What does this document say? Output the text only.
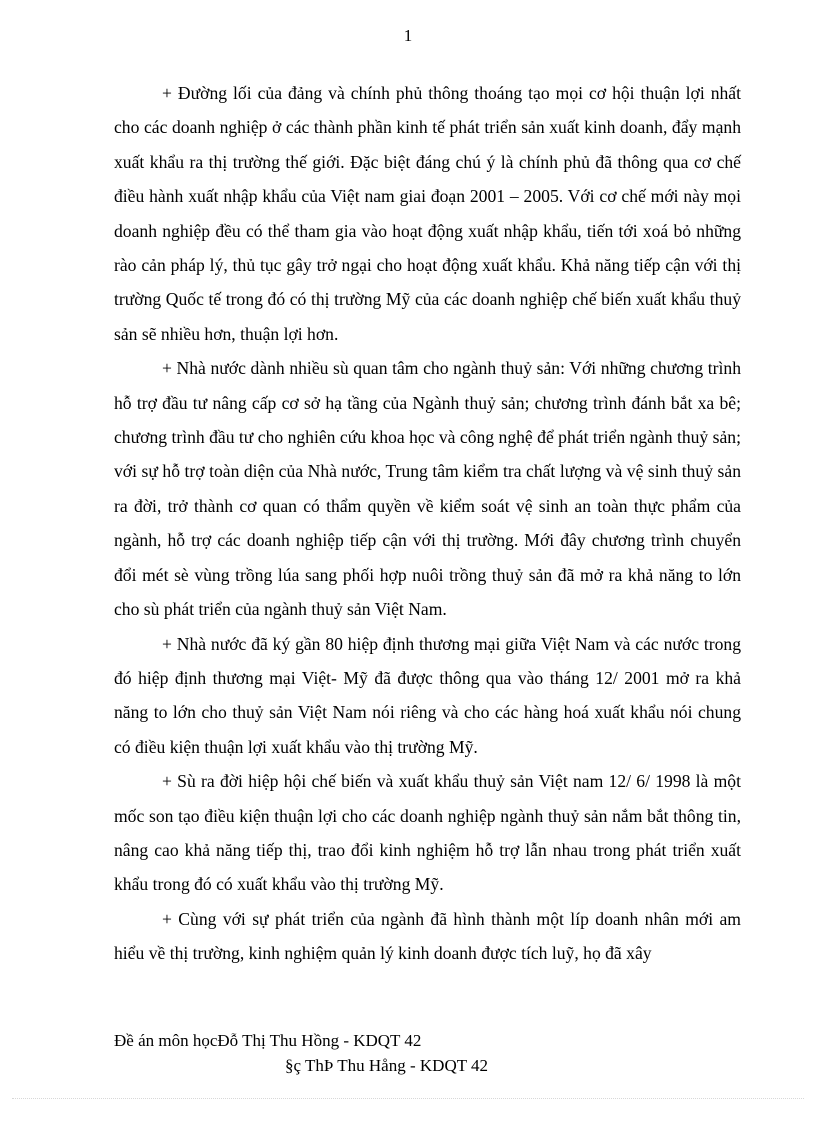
1

+ Đường lối của đảng và chính phủ thông thoáng tạo mọi cơ hội thuận lợi nhất cho các doanh nghiệp ở các thành phần kinh tế phát triển sản xuất kinh doanh, đẩy mạnh xuất khẩu ra thị trường thế giới. Đặc biệt đáng chú ý là chính phủ đã thông qua cơ chế điều hành xuất nhập khẩu của Việt nam giai đoạn 2001 – 2005. Với cơ chế mới này mọi doanh nghiệp đều có thể tham gia vào hoạt động xuất nhập khẩu, tiến tới xoá bỏ những rào cản pháp lý, thủ tục gây trở ngại cho hoạt động xuất khẩu. Khả năng tiếp cận với thị trường Quốc tế trong đó có thị trường Mỹ của các doanh nghiệp chế biến xuất khẩu thuỷ sản sẽ nhiều hơn, thuận lợi hơn.

+ Nhà nước dành nhiều sù quan tâm cho ngành thuỷ sản: Với những chương trình hỗ trợ đầu tư nâng cấp cơ sở hạ tầng của Ngành thuỷ sản; chương trình đánh bắt xa bê; chương trình đầu tư cho nghiên cứu khoa học và công nghệ để phát triển ngành thuỷ sản; với sự hỗ trợ toàn diện của Nhà nước, Trung tâm kiểm tra chất lượng và vệ sinh thuỷ sản ra đời, trở thành cơ quan có thẩm quyền về kiểm soát vệ sinh an toàn thực phẩm của ngành, hỗ trợ các doanh nghiệp tiếp cận với thị trường. Mới đây chương trình chuyển đổi mét sè vùng trồng lúa sang phối hợp nuôi trồng thuỷ sản đã mở ra khả năng to lớn cho sù phát triển của ngành thuỷ sản Việt Nam.

+ Nhà nước đã ký gần 80 hiệp định thương mại giữa Việt Nam và các nước trong đó hiệp định thương mại Việt- Mỹ đã được thông qua vào tháng 12/ 2001 mở ra khả năng to lớn cho thuỷ sản Việt Nam nói riêng và cho các hàng hoá xuất khẩu nói chung có điều kiện thuận lợi xuất khẩu vào thị trường Mỹ.

+ Sù ra đời hiệp hội chế biến và xuất khẩu thuỷ sản Việt nam 12/ 6/ 1998 là một mốc son tạo điều kiện thuận lợi cho các doanh nghiệp ngành thuỷ sản nắm bắt thông tin, nâng cao khả năng tiếp thị, trao đổi kinh nghiệm hỗ trợ lẫn nhau trong phát triển xuất khẩu trong đó có xuất khẩu vào thị trường Mỹ.

+ Cùng với sự phát triển của ngành đã hình thành một líp doanh nhân mới am hiểu về thị trường, kinh nghiệm quản lý kinh doanh được tích luỹ, họ đã xây

Đề án môn họcĐỗ Thị Thu Hồng - KDQT 42
§ç ThÞ Thu Hång - KDQT 42
